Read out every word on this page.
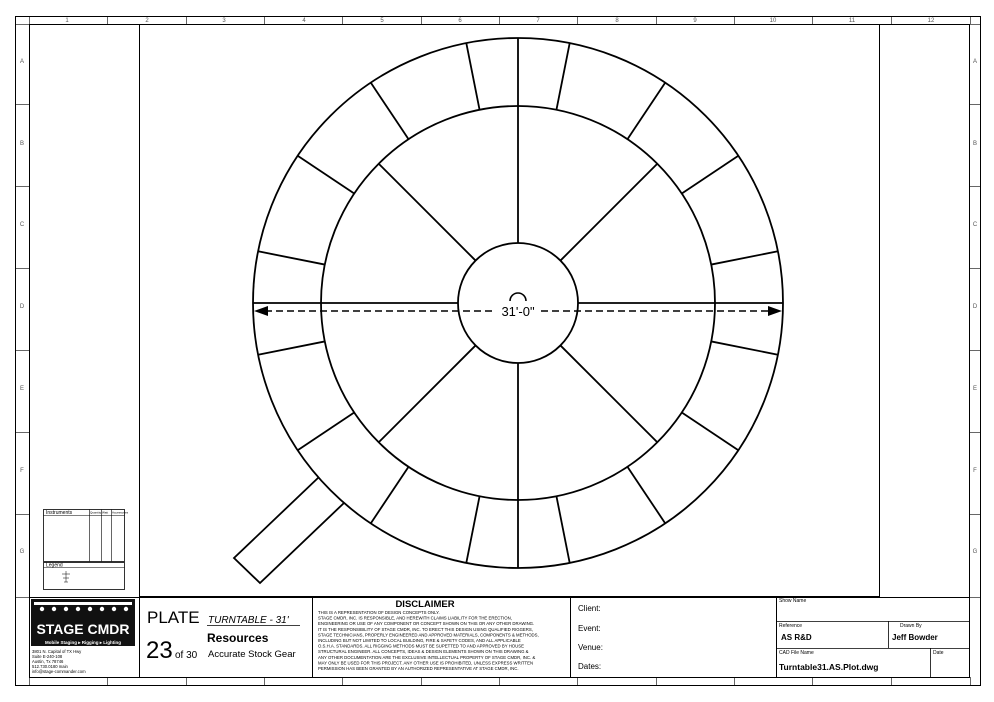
1	2	3	4	5	6	7	8	9	10	11	12
A	A
B	B
C	C
D	D
E	E
F	F
G	G
Instruments	Quantity Watt Accessories
Legend
31'-0"
STAGE CMDR
Mobile Staging ▸ Rigging ▸ Lighting
3801 N. Capital of TX Hwy
Suite E-240-108
Austin, Tx 78746
512.730.0180 main
info@stage-commander.com
PLATE TURNTABLE - 31'
23 of 30
Resources
Accurate Stock Gear
DISCLAIMER
THIS IS A REPRESENTATION OF DESIGN CONCEPTS ONLY.
STAGE CMDR, INC. IS RESPONSIBLE, AND HEREWITH CLAIMS LIABILITY FOR THE ERECTION,
ENGINEERING OR USE OF ANY COMPONENT OR CONCEPT SHOWN ON THIS OR ANY OTHER DRAWING.
IT IS THE RESPONSIBILITY OF STAGE CMDR, INC. TO ERECT THIS DESIGN USING QUALIFIED RIGGERS,
STAGE TECHNICIANS, PROPERLY ENGINEERED AND APPROVED MATERIALS, COMPONENTS & METHODS,
INCLUDING BUT NOT LIMITED TO LOCAL BUILDING, FIRE & SAFETY CODES, AND ALL APPLICABLE
O.S.H.A. STANDARDS. ALL RIGGING METHODS MUST BE SUPETTED TO AND APPROVED BY HOUSE
STRUCTURAL ENGINEER. ALL CONCEPTS, IDEAS & DESIGN ELEMENTS SHOWN ON THIS DRAWING &
ANY OTHER DOCUMENTATION ARE THE EXCLUSIVE INTELLECTUAL PROPERTY OF STAGE CMDR, INC. &
MAY ONLY BE USED FOR THIS PROJECT. ANY OTHER USE IS PROHIBITED, UNLESS EXPRESS WRITTEN
PERMISSION HAS BEEN GRANTED BY AN AUTHORIZED REPRESENTATIVE AT STAGE CMDR, INC.
Client:
Event:
Venue:
Dates:
Show Name
Reference
AS R&D
Drawn By
Jeff Bowder
CAD File Name
Turntable31.AS.Plot.dwg
Date
